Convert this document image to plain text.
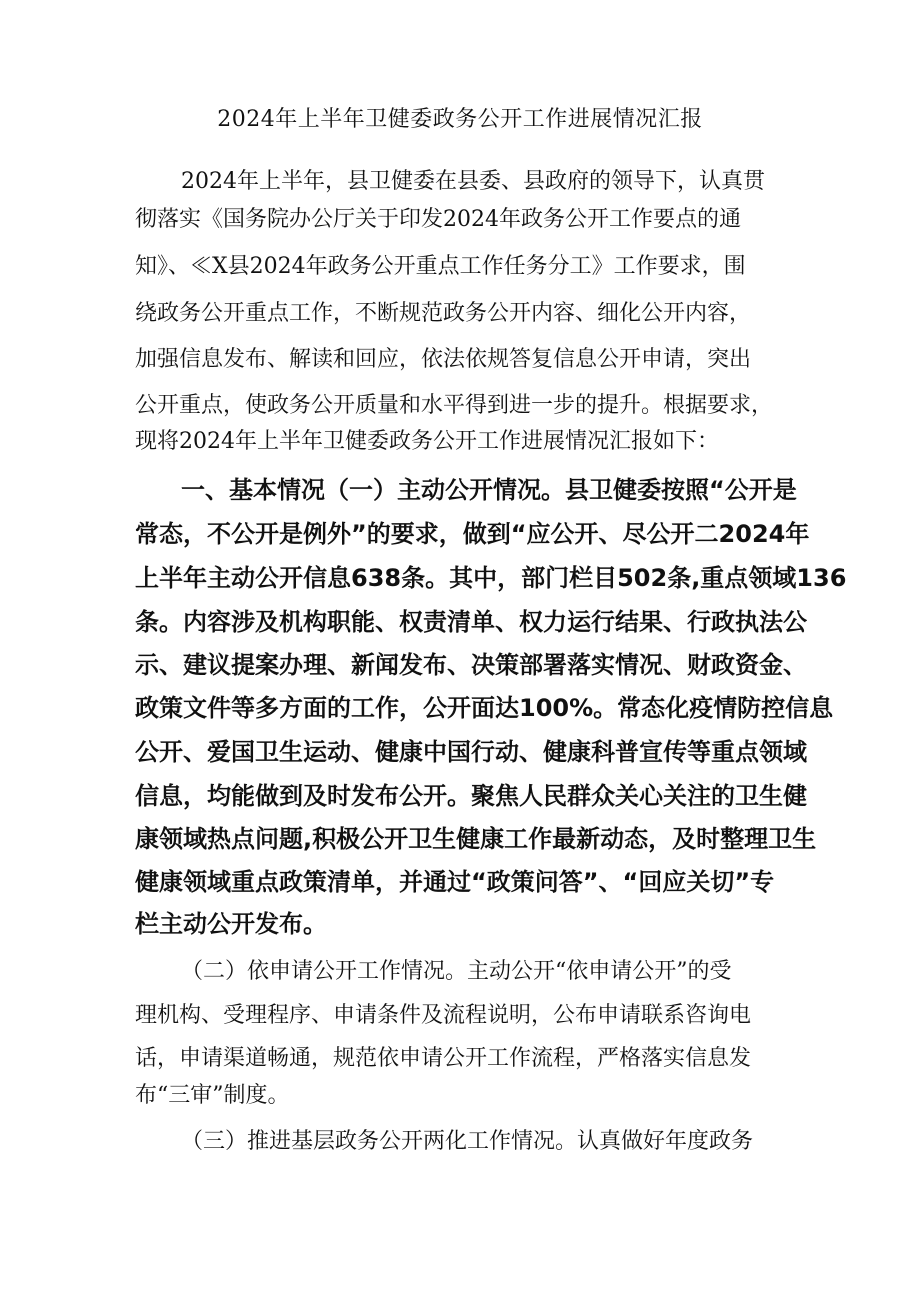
2024年上半年卫健委政务公开工作进展情况汇报
2024年上半年，县卫健委在县委、县政府的领导下，认真贯
彻落实《国务院办公厅关于印发2024年政务公开工作要点的通
知》、≪X县2024年政务公开重点工作任务分工》工作要求，围
绕政务公开重点工作，不断规范政务公开内容、细化公开内容，
加强信息发布、解读和回应，依法依规答复信息公开申请，突出
公开重点，使政务公开质量和水平得到进一步的提升。根据要求，
现将2024年上半年卫健委政务公开工作进展情况汇报如下：
一、基本情况（一）主动公开情况。县卫健委按照“公开是
常态，不公开是例外”的要求，做到“应公开、尽公开二2024年
上半年主动公开信息638条。其中，部门栏目502条,重点领域136
条。内容涉及机构职能、权责清单、权力运行结果、行政执法公
示、建议提案办理、新闻发布、决策部署落实情况、财政资金、
政策文件等多方面的工作，公开面达100%。常态化疫情防控信息
公开、爱国卫生运动、健康中国行动、健康科普宣传等重点领域
信息，均能做到及时发布公开。聚焦人民群众关心关注的卫生健
康领域热点问题,积极公开卫生健康工作最新动态，及时整理卫生
健康领域重点政策清单，并通过“政策问答”、“回应关切”专
栏主动公开发布。
（二）依申请公开工作情况。主动公开“依申请公开”的受
理机构、受理程序、申请条件及流程说明，公布申请联系咨询电
话，申请渠道畅通，规范依申请公开工作流程，严格落实信息发
布“三审”制度。
（三）推进基层政务公开两化工作情况。认真做好年度政务
